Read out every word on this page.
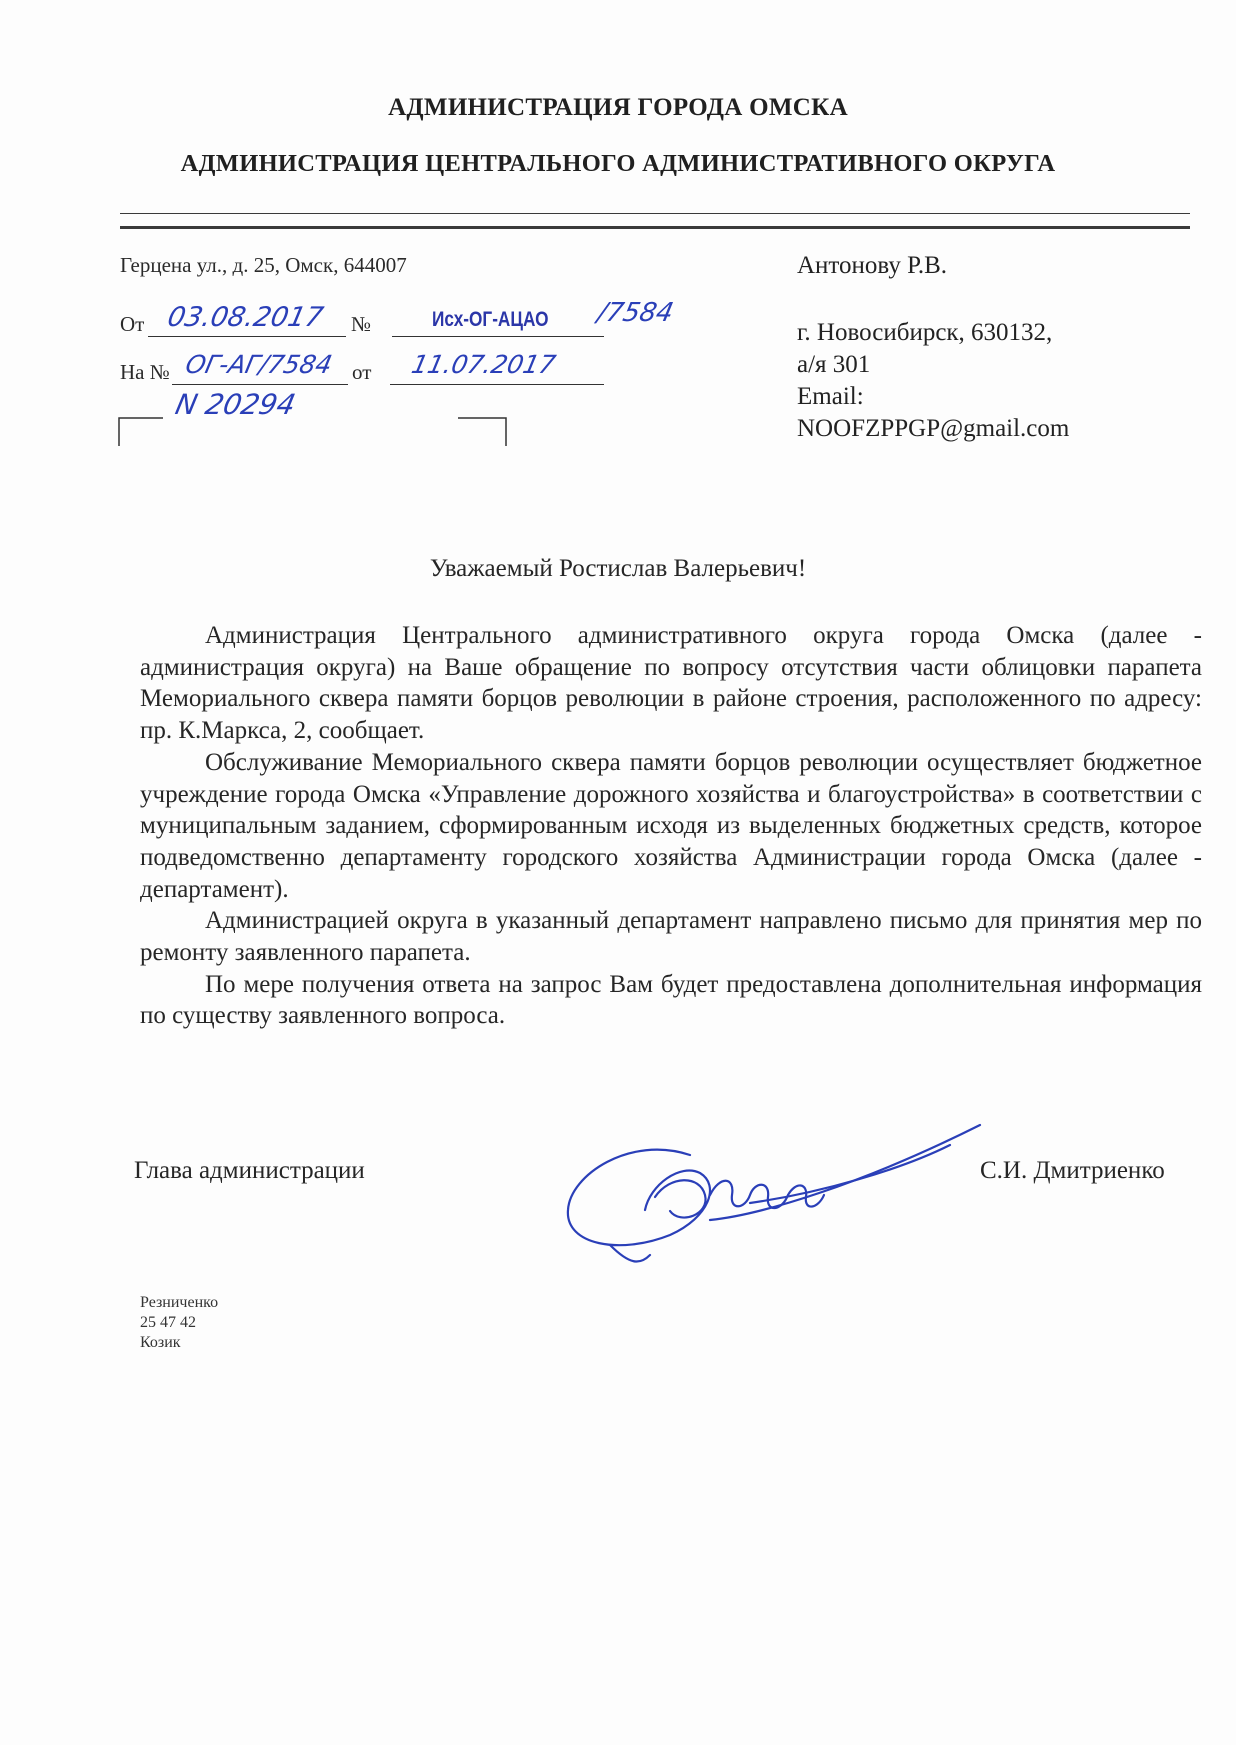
АДМИНИСТРАЦИЯ ГОРОДА ОМСКА
АДМИНИСТРАЦИЯ ЦЕНТРАЛЬНОГО АДМИНИСТРАТИВНОГО ОКРУГА
Герцена ул., д. 25, Омск, 644007
От 03.08.2017 №	Исх-ОГ-АЦАО /7584
На № ОГ-АГ/7584 от 11.07.2017
N 20294
Антонову Р.В.
г. Новосибирск, 630132,
а/я 301
Email:
NOOFZPPGP@gmail.com
Уважаемый Ростислав Валерьевич!

Администрация Центрального административного округа города Омска (далее - администрация округа) на Ваше обращение по вопросу отсутствия части облицовки парапета Мемориального сквера памяти борцов революции в районе строения, расположенного по адресу: пр. К.Маркса, 2, сообщает.

Обслуживание Мемориального сквера памяти борцов революции осуществляет бюджетное учреждение города Омска «Управление дорожного хозяйства и благоустройства» в соответствии с муниципальным заданием, сформированным исходя из выделенных бюджетных средств, которое подведомственно департаменту городского хозяйства Администрации города Омска (далее - департамент).

Администрацией округа в указанный департамент направлено письмо для принятия мер по ремонту заявленного парапета.

По мере получения ответа на запрос Вам будет предоставлена дополнительная информация по существу заявленного вопроса.

Глава администрации	С.И. Дмитриенко
Резниченко
25 47 42
Козик
